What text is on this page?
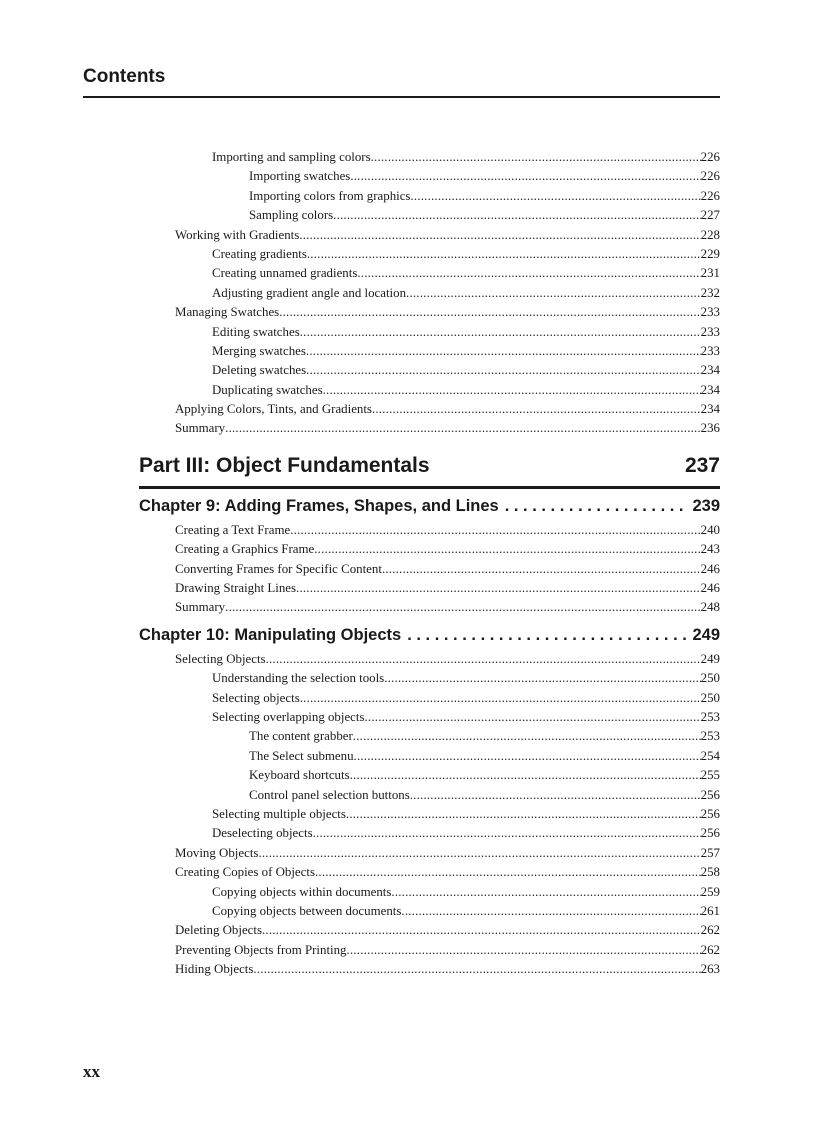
Contents
Importing and sampling colors .....	226
Importing swatches .....	226
Importing colors from graphics .....	226
Sampling colors .....	227
Working with Gradients .....	228
Creating gradients .....	229
Creating unnamed gradients .....	231
Adjusting gradient angle and location .....	232
Managing Swatches .....	233
Editing swatches .....	233
Merging swatches .....	233
Deleting swatches .....	234
Duplicating swatches .....	234
Applying Colors, Tints, and Gradients .....	234
Summary .....	236
Part III: Object Fundamentals	237
Chapter 9: Adding Frames, Shapes, and Lines . . .	239
Creating a Text Frame .....	240
Creating a Graphics Frame .....	243
Converting Frames for Specific Content .....	246
Drawing Straight Lines .....	246
Summary .....	248
Chapter 10: Manipulating Objects . . .	249
Selecting Objects .....	249
Understanding the selection tools .....	250
Selecting objects .....	250
Selecting overlapping objects .....	253
The content grabber .....	253
The Select submenu .....	254
Keyboard shortcuts .....	255
Control panel selection buttons .....	256
Selecting multiple objects .....	256
Deselecting objects .....	256
Moving Objects .....	257
Creating Copies of Objects .....	258
Copying objects within documents .....	259
Copying objects between documents .....	261
Deleting Objects .....	262
Preventing Objects from Printing .....	262
Hiding Objects .....	263
xx
